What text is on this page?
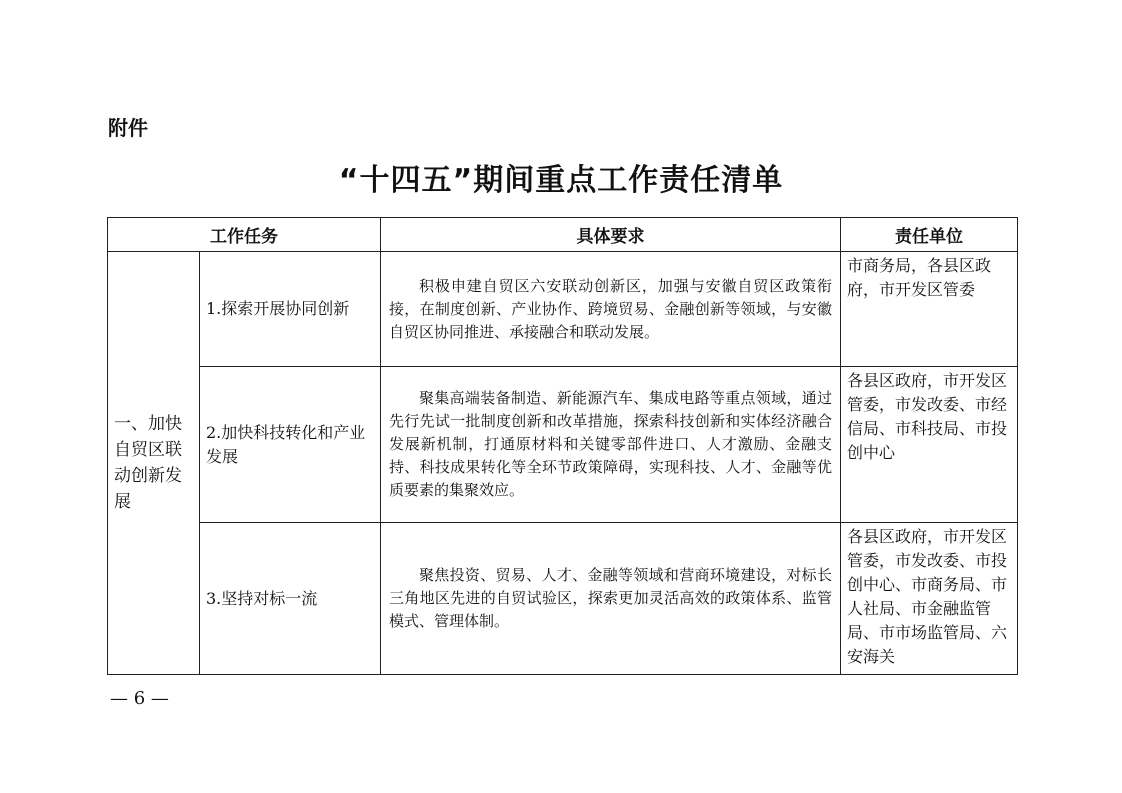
附件
“十四五”期间重点工作责任清单
工作任务		具体要求	责任单位
一、加快自贸区联动创新发展	1.探索开展协同创新	积极申建自贸区六安联动创新区，加强与安徽自贸区政策衔接，在制度创新、产业协作、跨境贸易、金融创新等领域，与安徽自贸区协同推进、承接融合和联动发展。	市商务局，各县区政府，市开发区管委
	2.加快科技转化和产业发展	聚集高端装备制造、新能源汽车、集成电路等重点领域，通过先行先试一批制度创新和改革措施，探索科技创新和实体经济融合发展新机制，打通原材料和关键零部件进口、人才激励、金融支持、科技成果转化等全环节政策障碍，实现科技、人才、金融等优质要素的集聚效应。	各县区政府，市开发区管委，市发改委、市经信局、市科技局、市投创中心
	3.坚持对标一流	聚焦投资、贸易、人才、金融等领域和营商环境建设，对标长三角地区先进的自贸试验区，探索更加灵活高效的政策体系、监管模式、管理体制。	各县区政府，市开发区管委，市发改委、市投创中心、市商务局、市人社局、市金融监管局、市市场监管局、六安海关
— 6 —
